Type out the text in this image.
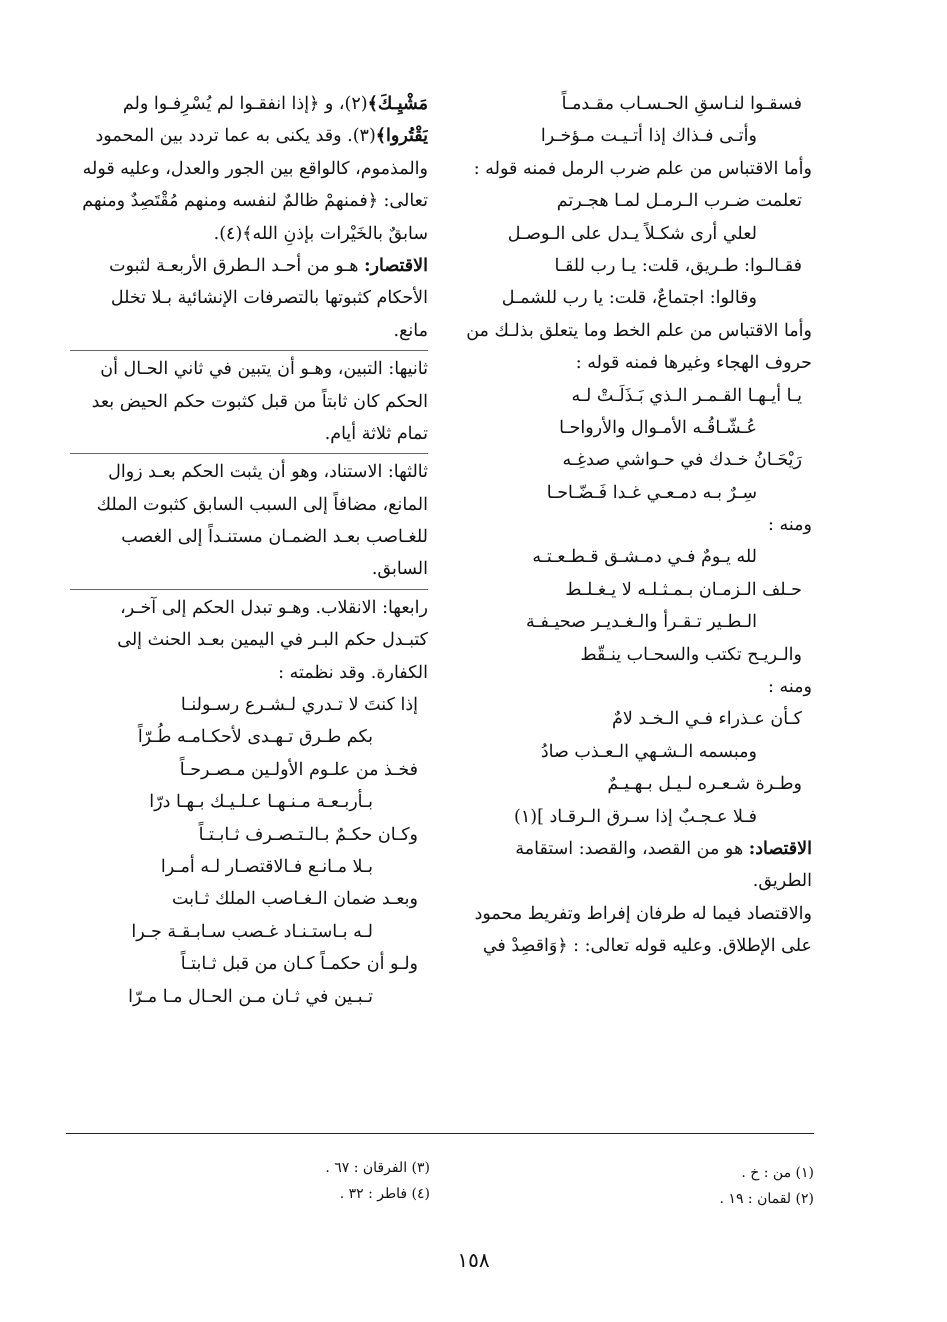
فسقـوا لنـاسقِ الحـسـاب مقـدمـاً
وأتـى فـذاك إذا أتـيـت مـؤخـرا
وأما الاقتباس من علم ضرب الرمل فمنه قوله :
تعلمت ضـرب الـرمـل لمـا هجـرتم
لعلي أرى شكـلاً يـدل على الـوصـل
فقـالـوا: طـريق، قلت: يـا رب للقـا
وقالوا: اجتماعٌ، قلت: يا رب للشمـل
وأما الاقتباس من علم الخط وما يتعلق بذلـك من
حروف الهجاء وغيرها فمنه قوله :
يـا أيـهـا القـمـر الـذي بَـذَلَـتْ لـه
عُـشّـاقُـه الأمـوال والأرواحـا
رَيْحَـانُ خـدك في حـواشي صدغِـه
سِـرٌ بـه دمـعـي غـدا فَـضّـاحـا
ومنه :
لله يـومٌ فـي دمـشـق قـطـعـتـه
حـلف الـزمـان بـمـثـلـه لا يـغـلـط
الـطـير تـقـرأ والـغـديـر صحيـفـة
والـريـح تكتب والسحـاب ينـقّط
ومنه :
كـأن عـذراء فـي الـخـد لامٌ
ومبسمه الـشـهي الـعـذب صادُ
وطـرة شـعـره لـيـل بـهـيـمٌ
فـلا عـجـبٌ إذا سـرق الـرقـاد ](١)
الاقتصاد: هو من القصد، والقصد: استقامة
الطريق.
والاقتصاد فيما له طرفان إفراط وتفريط محمود
على الإطلاق. وعليه قوله تعالى: : ﴿وَاقصِدْ في
مَشْيِـكَ﴾(٢)، و ﴿إذا انفقـوا لم يُسْرِفـوا ولم
يَقْتُروا﴾(٣). وقد يكنى به عما تردد بين المحمود
والمذموم، كالواقع بين الجور والعدل، وعليه قوله
تعالى: ﴿فمنهمْ ظالمٌ لنفسه ومنهم مُقْتَصِدٌ ومنهم
سابقٌ بالخَيْرات بإذنِ الله﴾(٤).
الاقتصار: هـو من أحـد الـطرق الأربعـة لثبوت
الأحكام كثبوتها بالتصرفات الإنشائية بـلا تخلل
مانع.
ثانيها: التبين، وهـو أن يتبين في ثاني الحـال أن
الحكم كان ثابتاً من قبل كثبوت حكم الحيض بعد
تمام ثلاثة أيام.
ثالثها: الاستناد، وهو أن يثبت الحكم بعـد زوال
المانع، مضافاً إلى السبب السابق كثبوت الملك
للغـاصب بعـد الضمـان مستنـداً إلى الغصب
السابق.
رابعها: الانقلاب. وهـو تبدل الحكم إلى آخـر،
كتبـدل حكم البـر في اليمين بعـد الحنث إلى
الكفارة. وقد نظمته :
إذا كنتَ لا تـدري لـشـرع رسـولنـا
بكم طـرق تـهـدى لأحكـامـه طُـرّاً
فخـذ من علـوم الأولـين مـصـرحـاً
بـأربـعـة مـنـهـا عـلـيـك بـهـا درّا
وكـان حكـمٌ بـالـتـصـرف ثـابـتـاً
بـلا مـانـع فـالاقتصـار لـه أمـرا
وبعـد ضمان الـغـاصب الملك ثـابت
لـه بـاستـنـاد غـصب سـابـقـة جـرا
ولـو أن حكمـاً كـان من قبل ثـابتـاً
تـبـين في ثـان مـن الحـال مـا مـرّا
(١) من : خ .
(٢) لقمان : ١٩ .
(٣) الفرقان : ٦٧ .
(٤) فاطر : ٣٢ .
١٥٨
